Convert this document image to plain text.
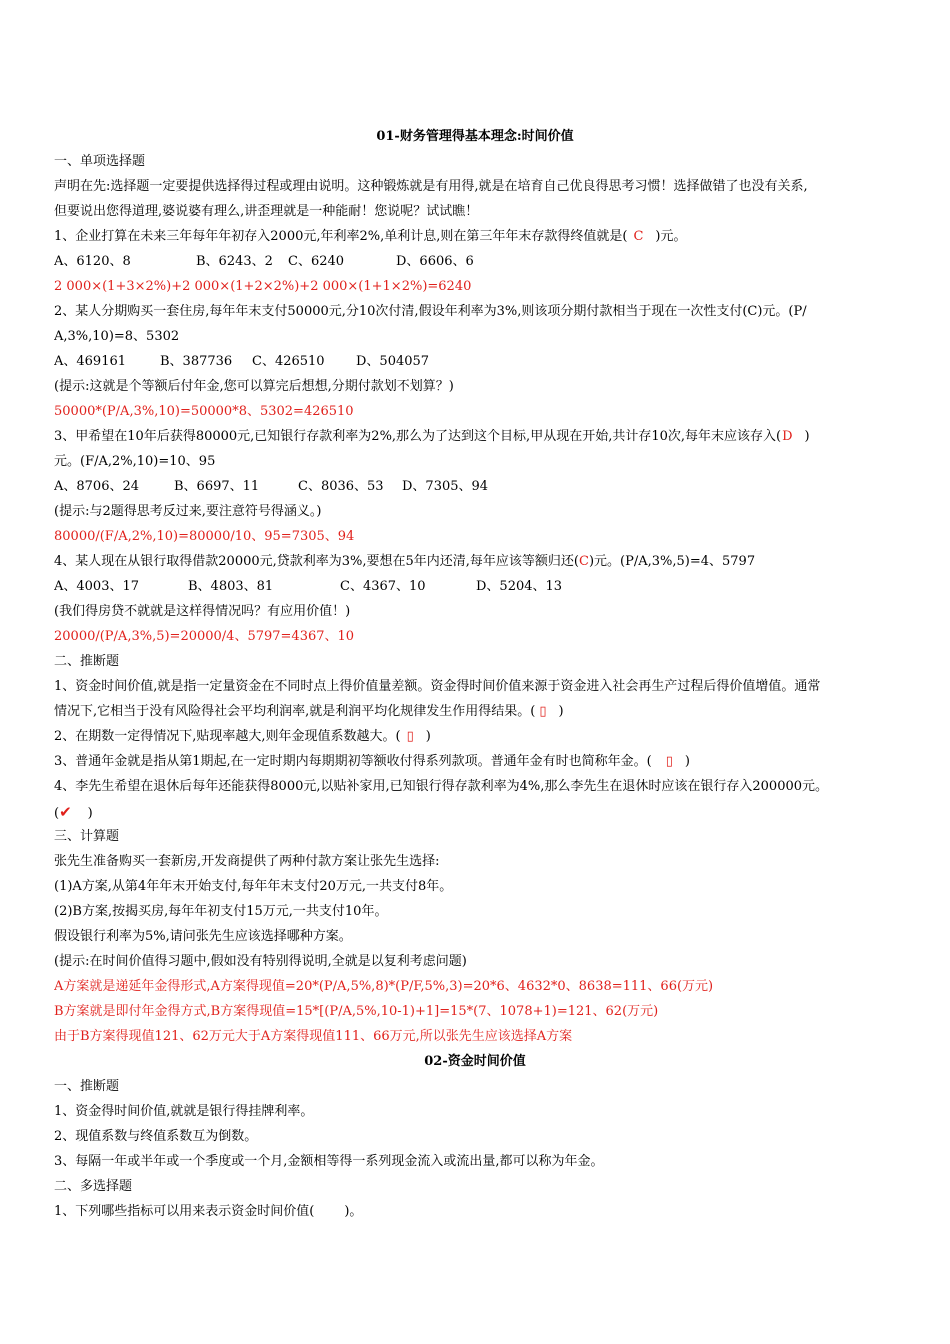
01-财务管理得基本理念:时间价值
一、单项选择题
声明在先:选择题一定要提供选择得过程或理由说明。这种锻炼就是有用得,就是在培育自己优良得思考习惯！选择做错了也没有关系,
但要说出您得道理,婆说婆有理么,讲歪理就是一种能耐！您说呢？试试瞧！
1、企业打算在未来三年每年年初存入2000元,年利率2%,单利计息,则在第三年年末存款得终值就是( C )元。
A、6120、8	B、6243、2 C、6240	D、6606、6
2 000×(1+3×2%)+2 000×(1+2×2%)+2 000×(1+1×2%)=6240
2、某人分期购买一套住房,每年年末支付50000元,分10次付清,假设年利率为3%,则该项分期付款相当于现在一次性支付(C)元。(P/
A,3%,10)=8、5302
A、469161	B、387736 C、426510 D、504057
(提示:这就是个等额后付年金,您可以算完后想想,分期付款划不划算？)
50000*(P/A,3%,10)=50000*8、5302=426510
3、甲希望在10年后获得80000元,已知银行存款利率为2%,那么为了达到这个目标,甲从现在开始,共计存10次,每年末应该存入(D )
元。(F/A,2%,10)=10、95
A、8706、24	B、6697、11	C、8036、53 D、7305、94
(提示:与2题得思考反过来,要注意符号得涵义。)
80000/(F/A,2%,10)=80000/10、95=7305、94
4、某人现在从银行取得借款20000元,贷款利率为3%,要想在5年内还清,每年应该等额归还(C)元。(P/A,3%,5)=4、5797
A、4003、17	B、4803、81	C、4367、10	D、5204、13
(我们得房贷不就就是这样得情况吗？有应用价值！)
20000/(P/A,3%,5)=20000/4、5797=4367、10
二、推断题
1、资金时间价值,就是指一定量资金在不同时点上得价值量差额。资金得时间价值来源于资金进入社会再生产过程后得价值增值。通常
情况下,它相当于没有风险得社会平均利润率,就是利润平均化规律发生作用得结果。( ▯ )
2、在期数一定得情况下,贴现率越大,则年金现值系数越大。( ▯ )
3、普通年金就是指从第1期起,在一定时期内每期期初等额收付得系列款项。普通年金有时也简称年金。( ▯ )
4、李先生希望在退休后每年还能获得8000元,以贴补家用,已知银行得存款利率为4%,那么李先生在退休时应该在银行存入200000元。
(✔ )
三、计算题
张先生准备购买一套新房,开发商提供了两种付款方案让张先生选择:
(1)A方案,从第4年年末开始支付,每年年末支付20万元,一共支付8年。
(2)B方案,按揭买房,每年年初支付15万元,一共支付10年。
假设银行利率为5%,请问张先生应该选择哪种方案。
(提示:在时间价值得习题中,假如没有特别得说明,全就是以复利考虑问题)
A方案就是递延年金得形式,A方案得现值=20*(P/A,5%,8)*(P/F,5%,3)=20*6、4632*0、8638=111、66(万元)
B方案就是即付年金得方式,B方案得现值=15*[(P/A,5%,10-1)+1]=15*(7、1078+1)=121、62(万元)
由于B方案得现值121、62万元大于A方案得现值111、66万元,所以张先生应该选择A方案
02-资金时间价值
一、推断题
1、资金得时间价值,就就是银行得挂牌利率。
2、现值系数与终值系数互为倒数。
3、每隔一年或半年或一个季度或一个月,金额相等得一系列现金流入或流出量,都可以称为年金。
二、多选择题
1、下列哪些指标可以用来表示资金时间价值( )。
